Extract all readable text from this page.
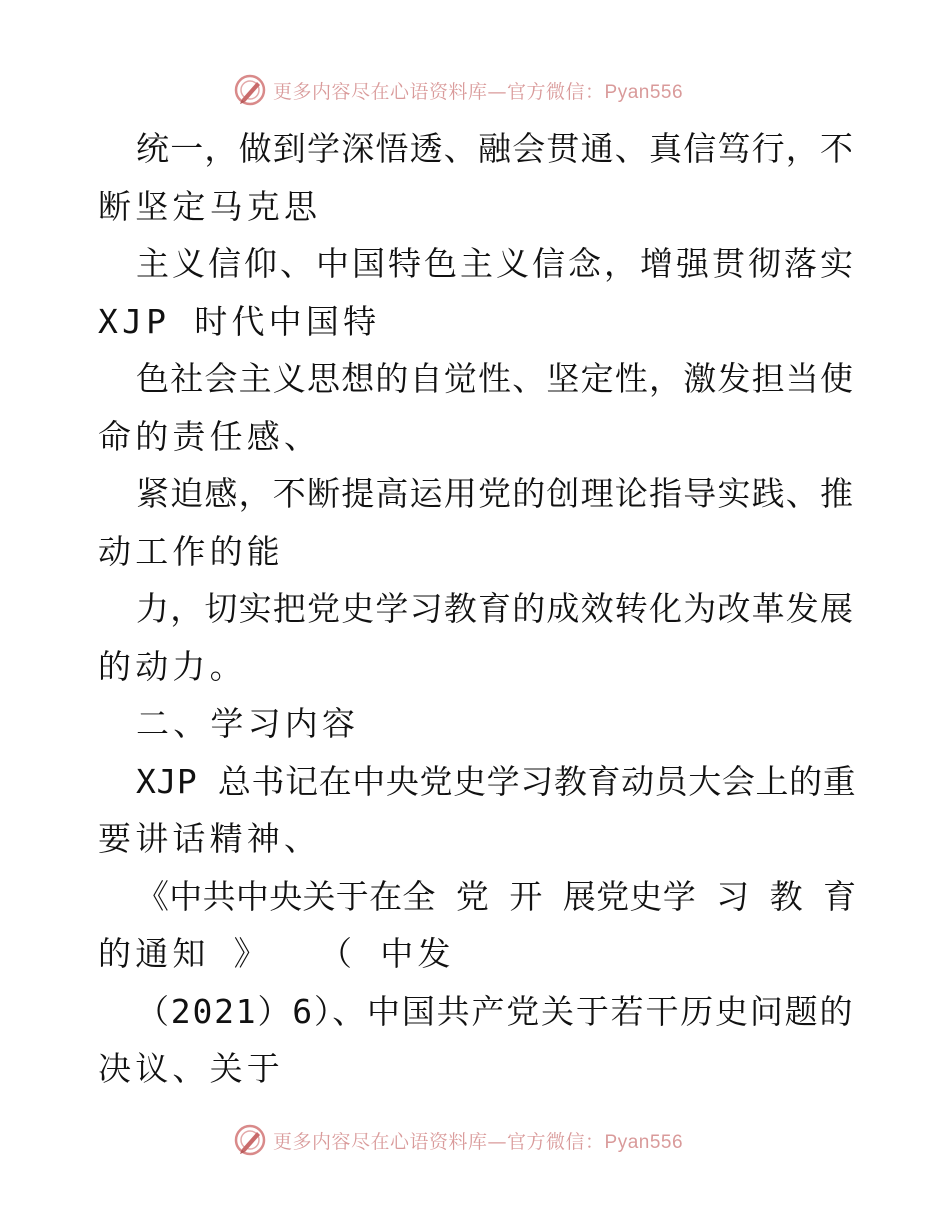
更多内容尽在心语资料库—官方微信：Pyan556
统一，做到学深悟透、融会贯通、真信笃行，不
断坚定马克思
主义信仰、中国特色主义信念，增强贯彻落实
XJP 时代中国特
色社会主义思想的自觉性、坚定性，激发担当使
命的责任感、
紧迫感，不断提高运用党的创理论指导实践、推
动工作的能
力，切实把党史学习教育的成效转化为改革发展
的动力。
二、学习内容
XJP 总书记在中央党史学习教育动员大会上的重
要讲话精神、
《中共中央关于在全 党 开 展党史学 习 教 育
的通知 》  （ 中发
（2021）6）、中国共产党关于若干历史问题的
决议、关于
更多内容尽在心语资料库—官方微信：Pyan556
